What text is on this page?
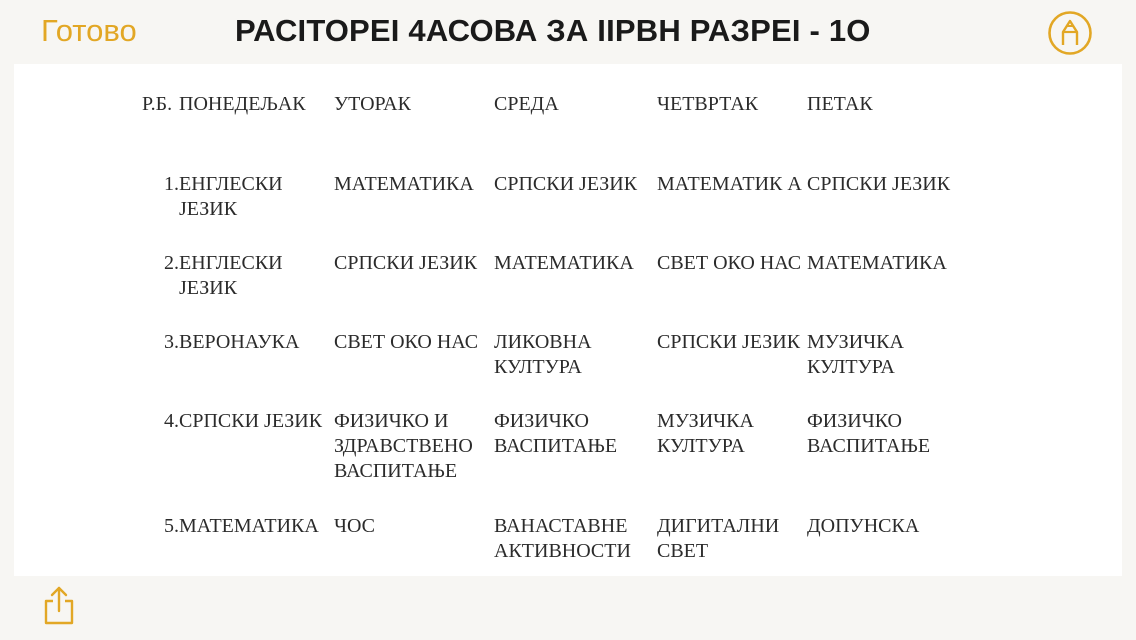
Готово	РАСIТОРЕI 4АСОВА ЗА IIРВН РАЗРЕI - 1О
Р.Б.	ПОНЕДЕЉАК	УТОРАК	СРЕДА	ЧЕТВРТАК	ПЕТАК
1.	ЕНГЛЕСКИ ЈЕЗИК	МАТЕМАТИКА	СРПСКИ ЈЕЗИК	МАТЕМАТИК А	СРПСКИ ЈЕЗИК
2.	ЕНГЛЕСКИ ЈЕЗИК	СРПСКИ ЈЕЗИК	МАТЕМАТИКА	СВЕТ ОКО НАС	МАТЕМАТИКА
3.	ВЕРОНАУКА	СВЕТ ОКО НАС	ЛИКОВНА КУЛТУРА	СРПСКИ ЈЕЗИК	МУЗИЧКА КУЛТУРА
4.	СРПСКИ ЈЕЗИК	ФИЗИЧКО И ЗДРАВСТВЕНО ВАСПИТАЊЕ	ФИЗИЧКО ВАСПИТАЊЕ	МУЗИЧКА КУЛТУРА	ФИЗИЧКО ВАСПИТАЊЕ
5.	МАТЕМАТИКА	ЧОС	ВАНАСТАВНЕ АКТИВНОСТИ	ДИГИТАЛНИ СВЕТ	ДОПУНСКА
